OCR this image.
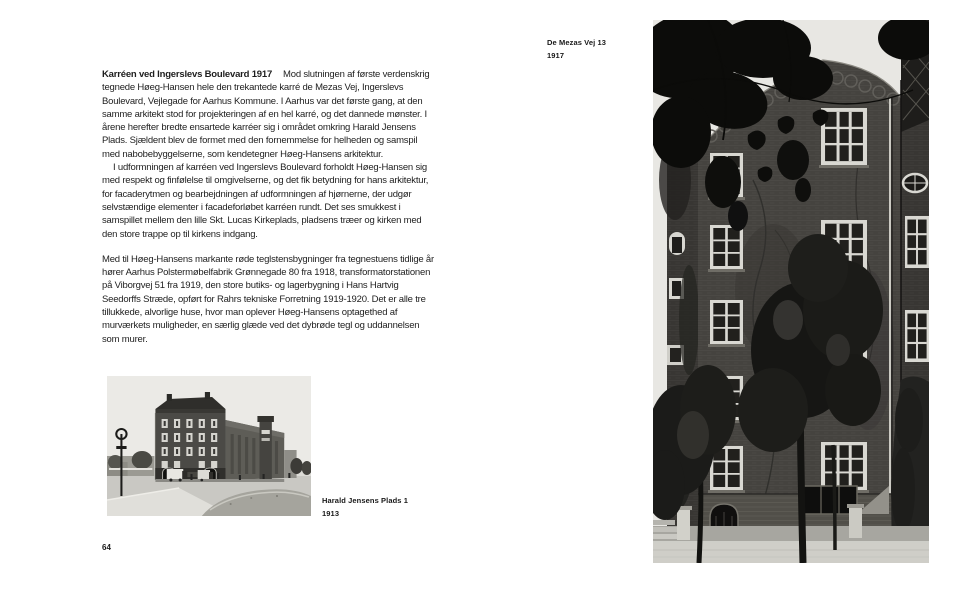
Karréen ved Ingerslevs Boulevard 1917 Mod slutningen af første verdenskrig tegnede Høeg-Hansen hele den trekantede karré de Mezas Vej, Ingerslevs Boulevard, Vejlegade for Aarhus Kommune. I Aarhus var det første gang, at den samme arkitekt stod for projekteringen af en hel karré, og det dannede mønster. I årene herefter bredte ensartede karréer sig i området omkring Harald Jensens Plads. Sjældent blev de formet med den fornemmelse for helheden og samspil med nabobebyggelserne, som kendetegner Høeg-Hansens arkitektur.

I udformningen af karréen ved Ingerslevs Boulevard forholdt Høeg-Hansen sig med respekt og finfølelse til omgivelserne, og det fik betydning for hans arkitektur, for facaderytmen og bearbejdningen af udformningen af hjørnerne, der udgør selvstændige elementer i facadeforløbet karréen rundt. Det ses smukkest i samspillet mellem den lille Skt. Lucas Kirkeplads, pladsens træer og kirken med den store trappe op til kirkens indgang.

Med til Høeg-Hansens markante røde teglstensbygninger fra tegnestuens tidlige år hører Aarhus Polstermøbelfabrik Grønnegade 80 fra 1918, transformatorstationen på Viborgvej 51 fra 1919, den store butiks- og lagerbygning i Hans Hartvig Seedorffs Stræde, opført for Rahrs tekniske Forretning 1919-1920. Det er alle tre tillukkede, alvorlige huse, hvor man oplever Høeg-Hansens optagethed af murværkets muligheder, en særlig glæde ved det dybrøde tegl og uddannelsen som murer.

De Mezas Vej 13
1917
Harald Jensens Plads 1
1913
64
